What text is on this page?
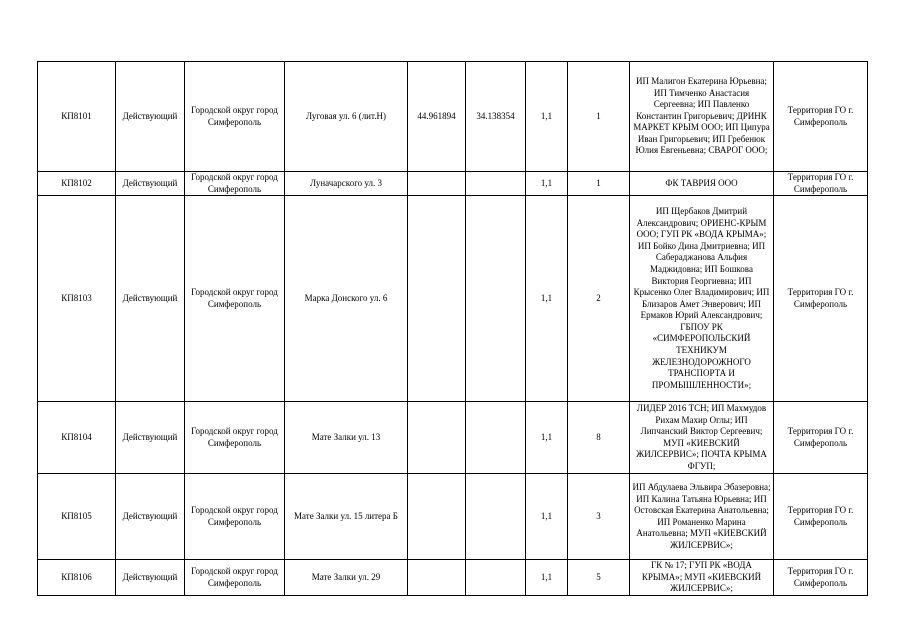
КП8101	Действующий	Городской округ город Симферополь	Луговая ул. 6 (лит.Н)	44.961894	34.138354	1,1	1	ИП Малигон Екатерина Юрьевна; ИП Тимченко Анастасия Сергеевна; ИП Павленко Константин Григорьевич; ДРИНК МАРКЕТ КРЫМ ООО; ИП Ципура Иван Григорьевич; ИП Гребенюк Юлия Евгеньевна; СВАРОГ ООО;	Территория ГО г. Симферополь
КП8102	Действующий	Городской округ город Симферополь	Луначарского ул. 3			1,1	1	ФК ТАВРИЯ ООО	Территория ГО г. Симферополь
КП8103	Действующий	Городской округ город Симферополь	Марка Донского ул. 6			1,1	2	ИП Щербаков Дмитрий Александрович; ОРИЕНС-КРЫМ ООО; ГУП РК «ВОДА КРЫМА»; ИП Бойко Дина Дмитриевна; ИП Сабераджанова Альфия Маджидовна; ИП Бошкова Виктория Георгиевна; ИП Крысенко Олег Владимирович; ИП Близаров Амет Энверович; ИП Ермаков Юрий Александрович; ГБПОУ РК «СИМФЕРОПОЛЬСКИЙ ТЕХНИКУМ ЖЕЛЕЗНОДОРОЖНОГО ТРАНСПОРТА И ПРОМЫШЛЕННОСТИ»;	Территория ГО г. Симферополь
КП8104	Действующий	Городской округ город Симферополь	Мате Залки ул. 13			1,1	8	ЛИДЕР 2016 ТСН; ИП Махмудов Рихам Махир Оглы; ИП Липчанский Виктор Сергеевич; МУП «КИЕВСКИЙ ЖИЛСЕРВИС»; ПОЧТА КРЫМА ФГУП;	Территория ГО г. Симферополь
КП8105	Действующий	Городской округ город Симферополь	Мате Залки ул. 15 литера Б			1,1	3	ИП Абдулаева Эльвира Эбазеровна; ИП Калина Татьяна Юрьевна; ИП Остовская Екатерина Анатольевна; ИП Романенко Марина Анатольевна; МУП «КИЕВСКИЙ ЖИЛСЕРВИС»;	Территория ГО г. Симферополь
КП8106	Действующий	Городской округ город Симферополь	Мате Залки ул. 29			1,1	5	ГК № 17; ГУП РК «ВОДА КРЫМА»; МУП «КИЕВСКИЙ ЖИЛСЕРВИС»;	Территория ГО г. Симферополь
